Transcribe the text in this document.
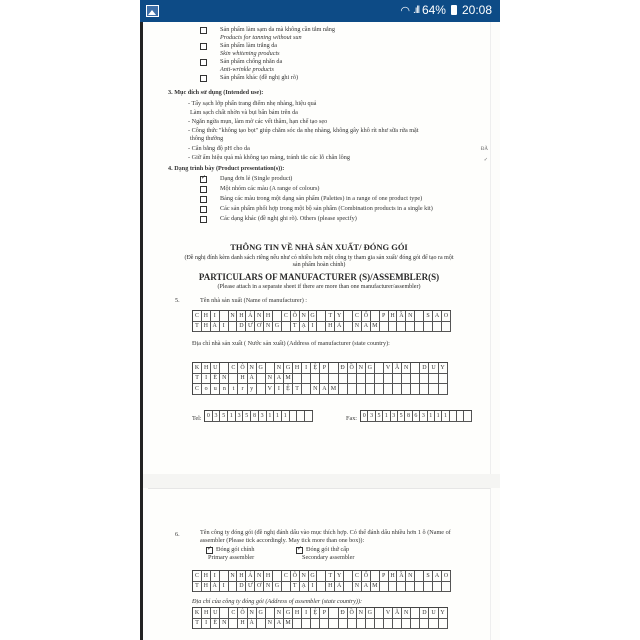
◠ .ıll 64% 20:08
Sản phẩm làm sạm da mà không cần tắm nắng
Products for tanning without sun
Sản phẩm làm trắng da
Skin whitening products
Sản phẩm chống nhăn da
Anti-wrinkle products
Sản phẩm khác (đề nghị ghi rõ)
3. Mục đích sử dụng (Intended use):
- Tẩy sạch lớp phấn trang điểm nhẹ nhàng, hiệu quả
Làm sạch chất nhờn và bụi bẩn bám trên da
- Ngăn ngừa mụn, làm mờ các vết thâm, hạn chế tạo sẹo
- Công thức "không tạo bọt" giúp chăm sóc da nhẹ nhàng, không gây khô rít như sữa rửa mặt
thông thường
- Cân bằng độ pH cho da
- Giữ ẩm hiệu quả mà không tạo màng, tránh tắc các lỗ chân lông
4. Dạng trình bày (Product presentation(s)):
✓
Dạng đơn lẻ (Single product)
Một nhóm các màu (A range of colours)
Bảng các màu trong một dạng sản phẩm (Palettes) in a range of one product type)
Các sản phẩm phối hợp trong một bộ sản phẩm (Combination products in a single kit)
Các dạng khác (đề nghị ghi rõ). Others (please specify)
THÔNG TIN VỀ NHÀ SẢN XUẤT/ ĐÓNG GÓI
(Đề nghị đính kèm danh sách riêng nếu như có nhiều hơn một công ty tham gia sản xuất/ đóng gói để tạo ra một
sản phẩm hoàn chỉnh)
PARTICULARS OF MANUFACTURER (S)/ASSEMBLER(S)
(Please attach in a separate sheet if there are more than one manufacturer/assembler)
5.	Tên nhà sản xuất (Name of manufacturer) :
C H I	N H Á N H	C Ô N G	T Y	C Ổ	P H Ầ N	S A O
T H Á I	D Ư Ơ N G	T Ạ I	H À	N A M
Địa chỉ nhà sản xuất ( Nước sản xuất) (Address of manufacturer (state country):
K H U	C Ô N G	N G H I	Ệ P	Đ Ồ N G	V Ă N	D U Y
T	I	Ê N	H À	N A M
C o	u	n	t	r	y	V I	Ệ T	N A M
Tel: 0 3 5 1 3 5 8 3 1 1 1	Fax: 0 3 5 1 3 5 8 6 3 1 1 1
ĐÃ
✓
6.	Tên công ty đóng gói (đề nghị đánh dấu vào mục thích hợp. Có thể đánh dấu nhiều hơn 1 ô (Name of
assembler (Please tick accordingly. May tick more than one box)):
✓
Đóng gói chính
Primary assembler
✓
Đóng gói thứ cấp
Secondary assembler
C H I	N H Á N H	C Ô N G	T Y	C Ổ	P H Ầ N	S A O
T H Á I	D Ư Ơ N G	T Ạ I	H À	N A M
Địa chỉ của công ty đóng gói (Address of assembler (state country)):
K H U	C Ô N G	N G H I	Ệ P	Đ Ồ N G	V Ă N	D U Y
T	I	Ê N	H À	N A M
